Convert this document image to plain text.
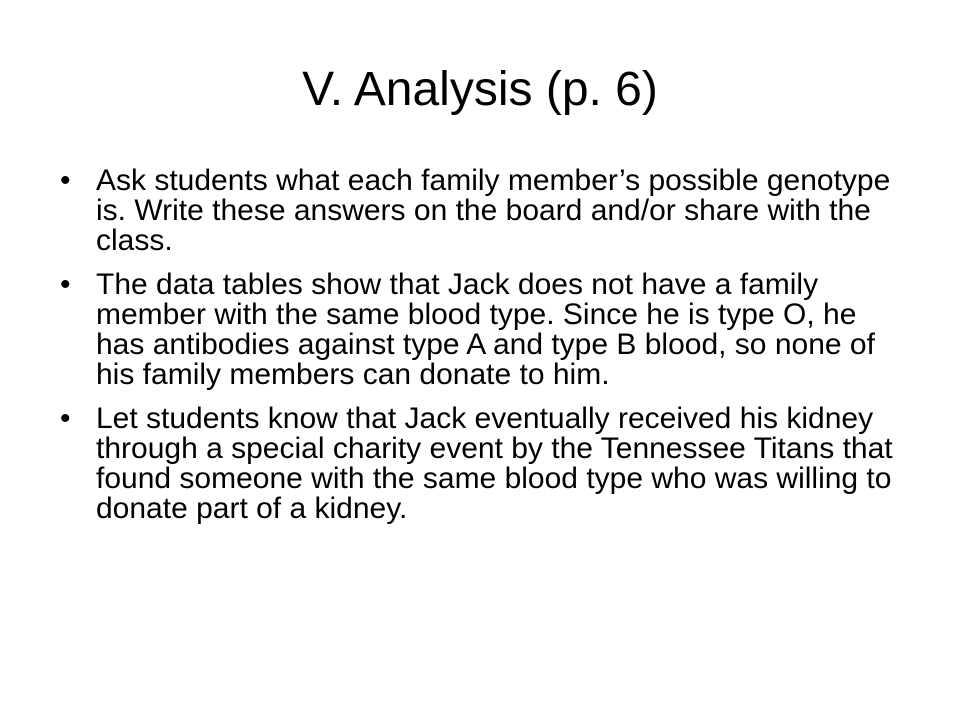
V. Analysis (p. 6)
• Ask students what each family member’s possible genotype is. Write these answers on the board and/or share with the class.
• The data tables show that Jack does not have a family member with the same blood type. Since he is type O, he has antibodies against type A and type B blood, so none of his family members can donate to him.
• Let students know that Jack eventually received his kidney through a special charity event by the Tennessee Titans that found someone with the same blood type who was willing to donate part of a kidney.
